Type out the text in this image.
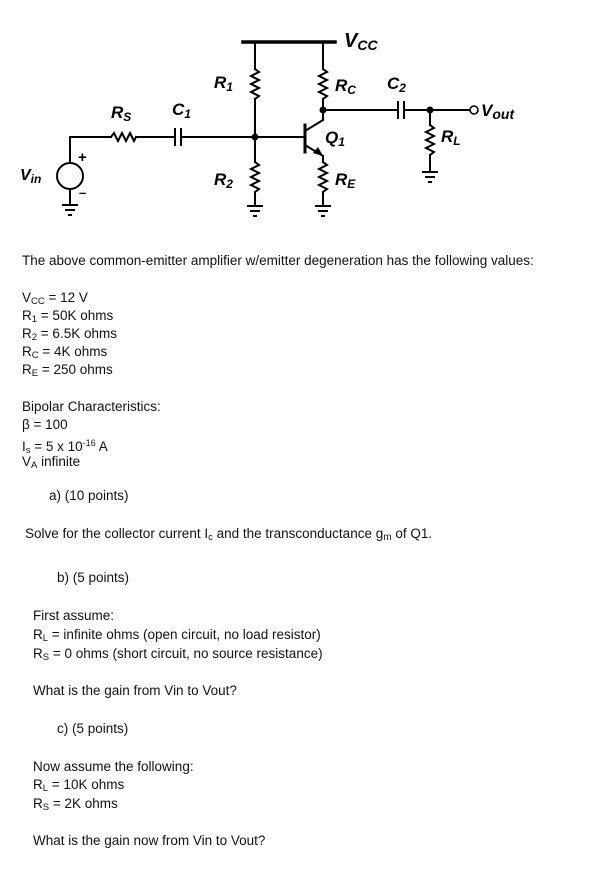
$V_{CC}$
$R_1$	$R_C$ $C_2$
$V_{out}$
$R_S$ $C_1$
$Q_1$	$R_L$
$R_2$	$R_E$
$V_{in}$
+
–
The above common-emitter amplifier w/emitter degeneration has the following values:
$V_{CC} = 12$ V
$R_1 = 50K$ ohms
$R_2 = 6.5K$ ohms
$R_C = 4K$ ohms
$R_E = 250$ ohms
Bipolar Characteristics:
β = 100
$I_s = 5$ x $10^{-16}$ A
$V_A$ infinite
a) (10 points)
Solve for the collector current $I_c$ and the transconductance gm of Q1.
b) (5 points)
First assume:
$R_L$ = infinite ohms (open circuit, no load resistor)
$R_S = 0$ ohms (short circuit, no source resistance)
What is the gain from Vin to Vout?
c) (5 points)
Now assume the following:
$R_L = 10K$ ohms
$R_S = 2K$ ohms
What is the gain now from Vin to Vout?
